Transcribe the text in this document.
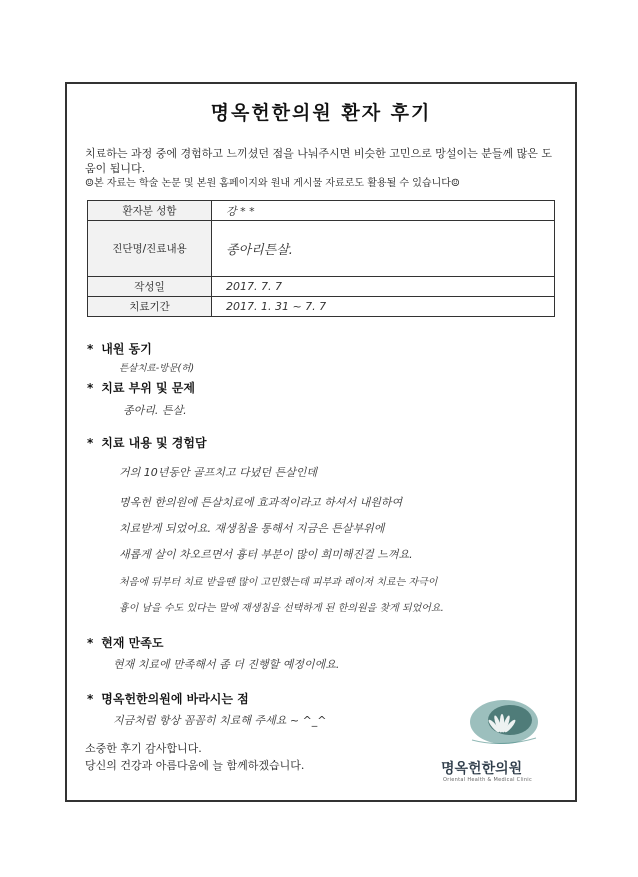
명옥헌한의원 환자 후기
치료하는 과정 중에 경험하고 느끼셨던 점을 나눠주시면 비슷한 고민으로 망설이는 분들께 많은 도움이 됩니다.
☺본 자료는 학술 논문 및 본원 홈페이지와 원내 게시물 자료로도 활용될 수 있습니다☺
환자분 성함	강 * *
진단명/진료내용	종아리튼살.
작성일	2017. 7. 7
치료기간	2017. 1. 31 ~ 7. 7
* 내원 동기
튼살치료-방문(허)
* 치료 부위 및 문제
종아리. 튼살.
* 치료 내용 및 경험담
거의 10년동안 골프치고 다녔던 튼살인데
명옥헌 한의원에 튼살치료에 효과적이라고 하셔서 내원하여
치료받게 되었어요. 재생침을 통해서 지금은 튼살부위에
새롭게 살이 차오르면서 흉터 부분이 많이 희미해진걸 느껴요.
처음에 뒤부터 치료 받을땐 많이 고민했는데 피부과 레이저 치료는 자극이
흉이 남을 수도 있다는 말에 재생침을 선택하게 된 한의원을 찾게 되었어요.
* 현재 만족도
현재 치료에 만족해서 좀 더 진행할 예정이에요.
* 명옥헌한의원에 바라시는 점
지금처럼 항상 꼼꼼히 치료해 주세요 ~ ^_^
소중한 후기 감사합니다.
당신의 건강과 아름다움에 늘 함께하겠습니다.	명옥헌한의원
Oriental Health & Medical Clinic
